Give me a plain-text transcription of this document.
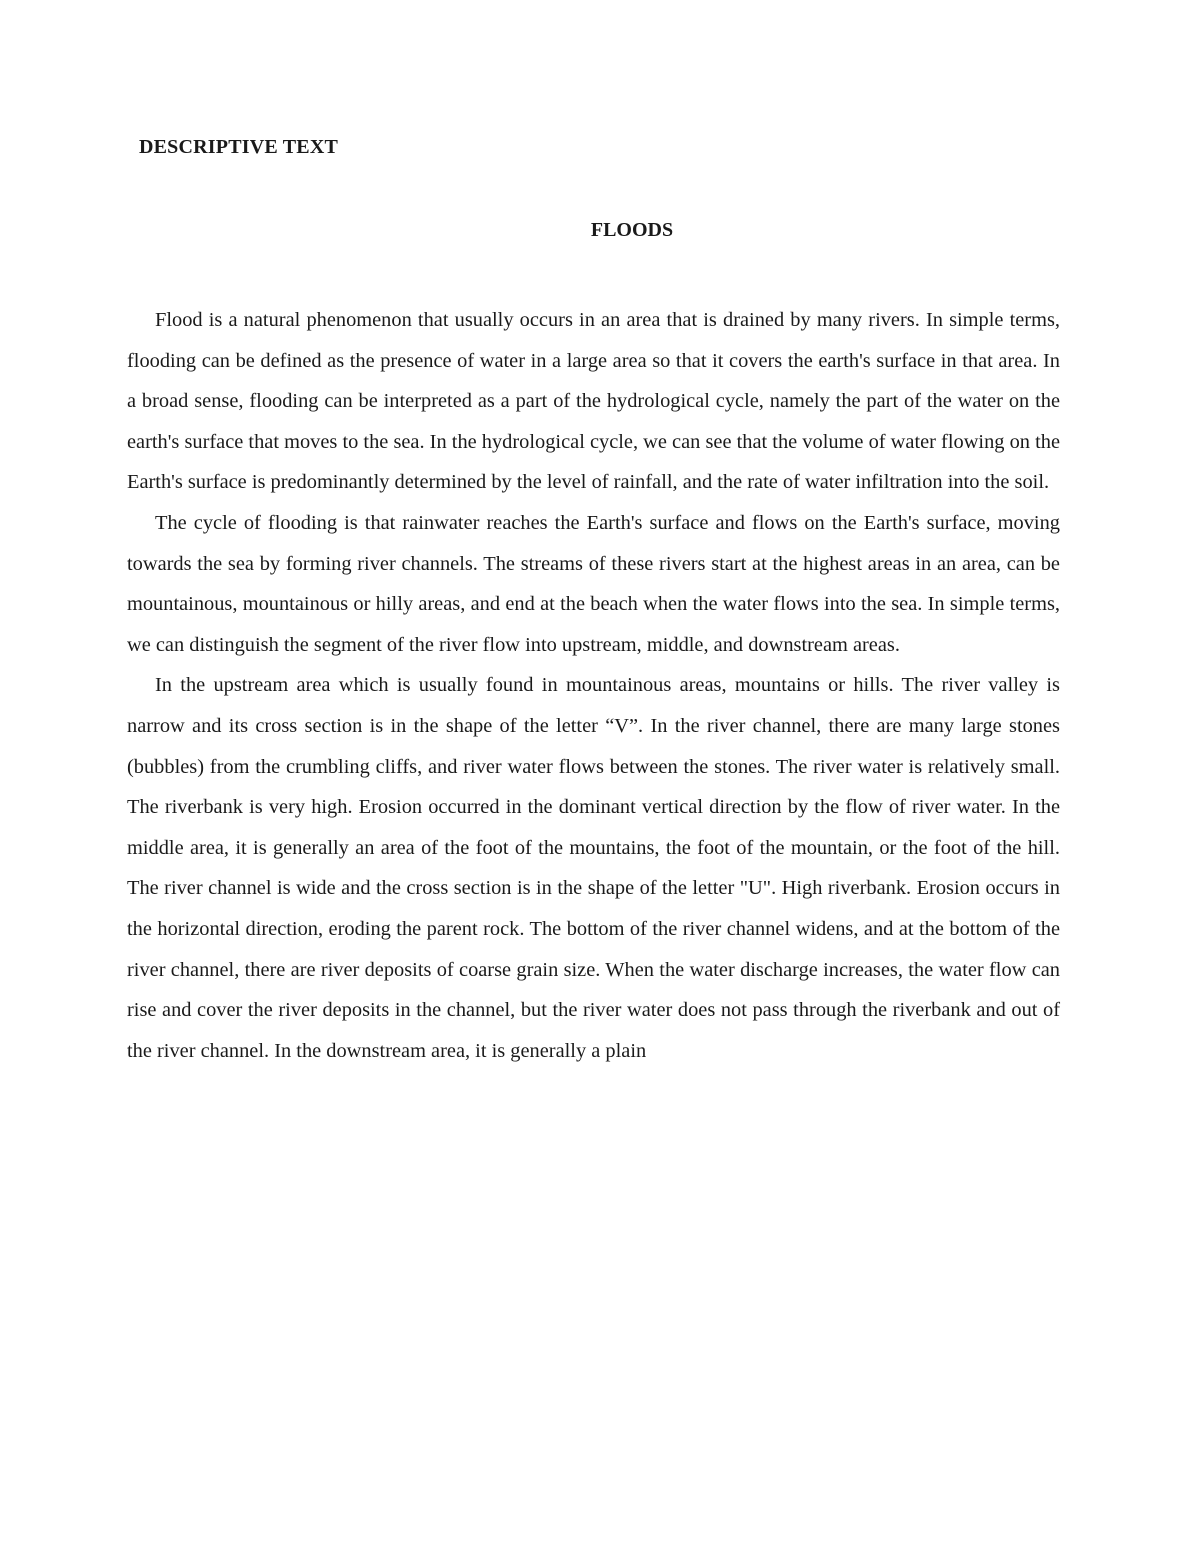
DESCRIPTIVE TEXT
FLOODS

Flood is a natural phenomenon that usually occurs in an area that is drained by many rivers. In simple terms, flooding can be defined as the presence of water in a large area so that it covers the earth's surface in that area. In a broad sense, flooding can be interpreted as a part of the hydrological cycle, namely the part of the water on the earth's surface that moves to the sea. In the hydrological cycle, we can see that the volume of water flowing on the Earth's surface is predominantly determined by the level of rainfall, and the rate of water infiltration into the soil.

The cycle of flooding is that rainwater reaches the Earth's surface and flows on the Earth's surface, moving towards the sea by forming river channels. The streams of these rivers start at the highest areas in an area, can be mountainous, mountainous or hilly areas, and end at the beach when the water flows into the sea. In simple terms, we can distinguish the segment of the river flow into upstream, middle, and downstream areas.

In the upstream area which is usually found in mountainous areas, mountains or hills. The river valley is narrow and its cross section is in the shape of the letter “V”. In the river channel, there are many large stones (bubbles) from the crumbling cliffs, and river water flows between the stones. The river water is relatively small. The riverbank is very high. Erosion occurred in the dominant vertical direction by the flow of river water. In the middle area, it is generally an area of the foot of the mountains, the foot of the mountain, or the foot of the hill. The river channel is wide and the cross section is in the shape of the letter "U". High riverbank. Erosion occurs in the horizontal direction, eroding the parent rock. The bottom of the river channel widens, and at the bottom of the river channel, there are river deposits of coarse grain size. When the water discharge increases, the water flow can rise and cover the river deposits in the channel, but the river water does not pass through the riverbank and out of the river channel. In the downstream area, it is generally a plain
